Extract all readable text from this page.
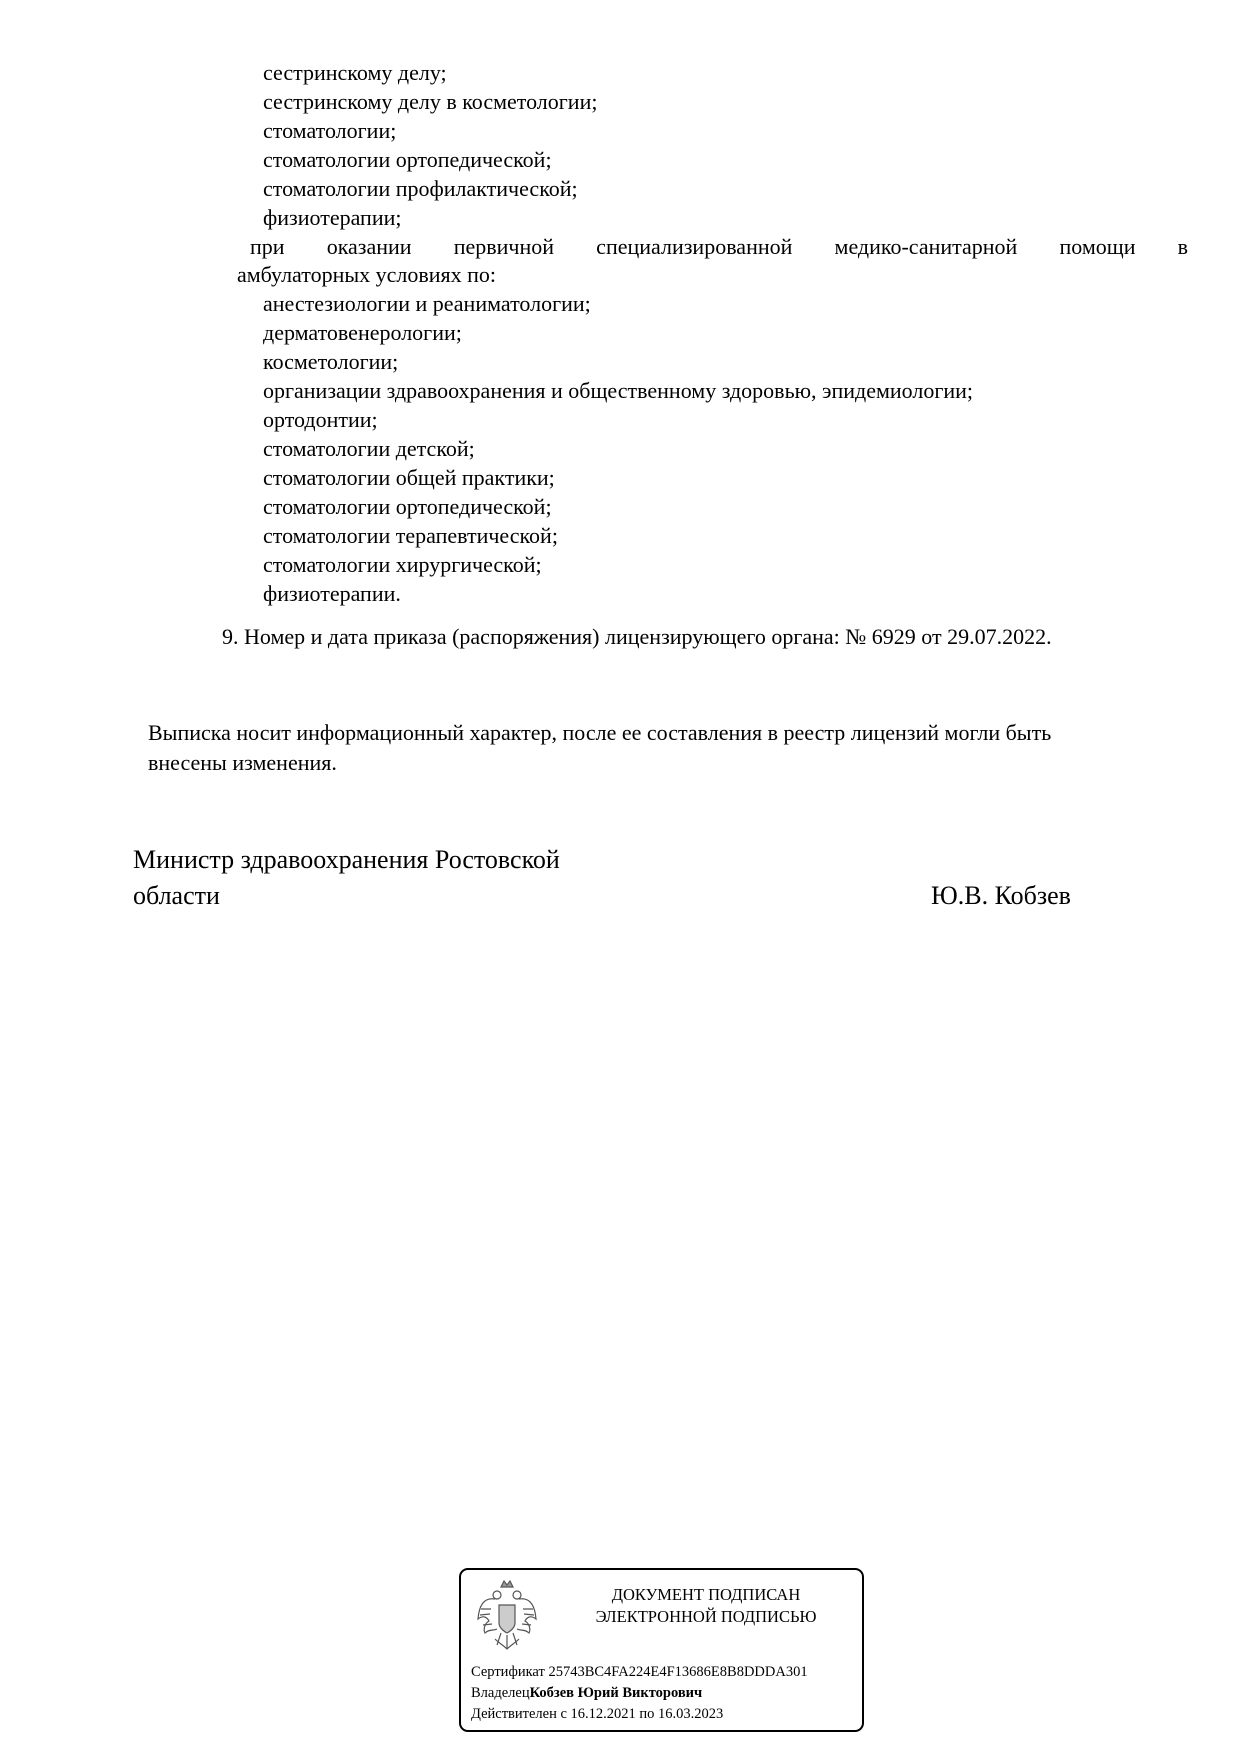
сестринскому делу;
сестринскому делу в косметологии;
стоматологии;
стоматологии ортопедической;
стоматологии профилактической;
физиотерапии;
при оказании первичной специализированной медико-санитарной помощи в
амбулаторных условиях по:
анестезиологии и реаниматологии;
дерматовенерологии;
косметологии;
организации здравоохранения и общественному здоровью, эпидемиологии;
ортодонтии;
стоматологии детской;
стоматологии общей практики;
стоматологии ортопедической;
стоматологии терапевтической;
стоматологии хирургической;
физиотерапии.
9. Номер и дата приказа (распоряжения) лицензирующего органа: № 6929 от 29.07.2022.
Выписка носит информационный характер, после ее составления в реестр лицензий могли быть
внесены изменения.
Министр здравоохранения Ростовской
области	Ю.В. Кобзев
ДОКУМЕНТ ПОДПИСАН
ЭЛЕКТРОННОЙ ПОДПИСЬЮ
Сертификат 25743BC4FA224E4F13686E8B8DDDA301
ВладелецКобзев Юрий Викторович
Действителен с 16.12.2021 по 16.03.2023
